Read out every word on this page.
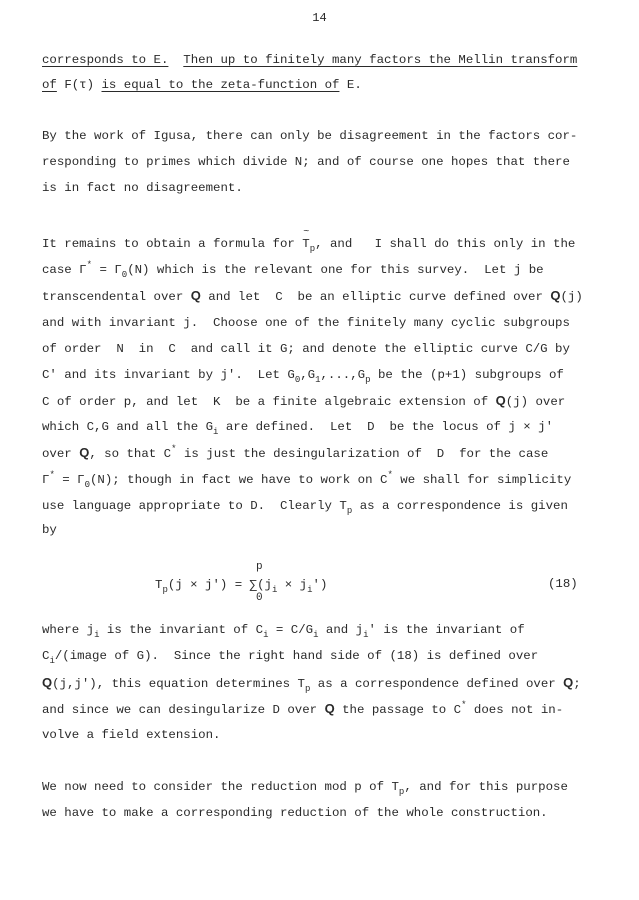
14
corresponds to E. Then up to finitely many factors the Mellin transform
of F(τ) is equal to the zeta-function of E.
By the work of Igusa, there can only be disagreement in the factors cor-
responding to primes which divide N; and of course one hopes that there
is in fact no disagreement.
It remains to obtain a formula for ~ $T_p$, and   I shall do this only in the
case $\Gamma^* = \Gamma_0(N)$ which is the relevant one for this survey.  Let j be
transcendental over Q and let  C  be an elliptic curve defined over Q(j)
and with invariant j.  Choose one of the finitely many cyclic subgroups
of order  N  in  C  and call it G; and denote the elliptic curve C/G by
C' and its invariant by j'.  Let $G_0,G_1,...,G_p$ be the (p+1) subgroups of
C of order p, and let  K  be a finite algebraic extension of Q(j) over
which C,G and all the $G_i$ are defined.  Let  D  be the locus of j × j'
over Q, so that C* is just the desingularization of  D  for the case
$\Gamma^* = \Gamma_0(N)$; though in fact we have to work on C* we shall for simplicity
use language appropriate to D.  Clearly $T_p$ as a correspondence is given
by
p
$T_p(j \times j') = \sum(j_i \times j_i')$
0
(18)
where $j_i$ is the invariant of $C_i = C/G_i$ and $j_i'$ is the invariant of
$C_i/(image$ of G).  Since the right hand side of (18) is defined over
Q(j,j'), this equation determines $T_p$ as a correspondence defined over Q;
and since we can desingularize D over Q the passage to C* does not in-
volve a field extension.
We now need to consider the reduction mod p of $T_p$, and for this purpose
we have to make a corresponding reduction of the whole construction.
